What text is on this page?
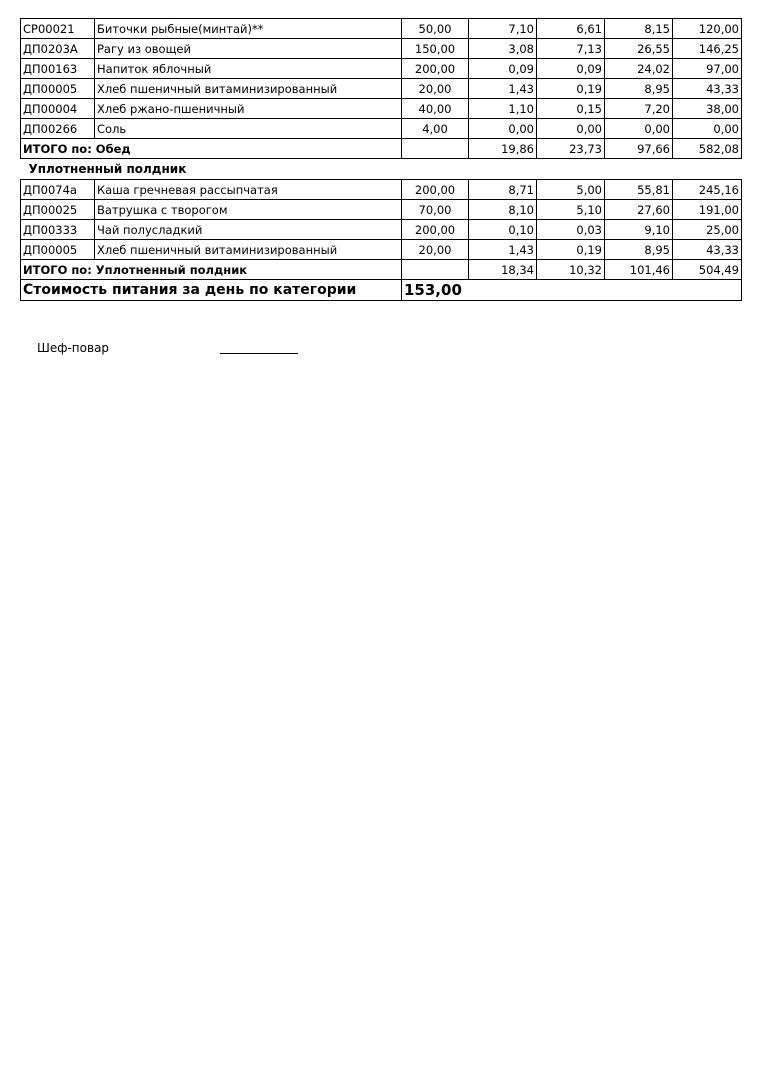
СР00021	Биточки рыбные(минтай)**	50,00	7,10	6,61	8,15	120,00
ДП0203А	Рагу из овощей	150,00	3,08	7,13	26,55	146,25
ДП00163	Напиток яблочный	200,00	0,09	0,09	24,02	97,00
ДП00005	Хлеб пшеничный витаминизированный	20,00	1,43	0,19	8,95	43,33
ДП00004	Хлеб ржано-пшеничный	40,00	1,10	0,15	7,20	38,00
ДП00266	Соль	4,00	0,00	0,00	0,00	0,00
ИТОГО по: Обед			19,86	23,73	97,66	582,08
Уплотненный полдник						
ДП0074а	Каша гречневая рассыпчатая	200,00	8,71	5,00	55,81	245,16
ДП00025	Ватрушка с творогом	70,00	8,10	5,10	27,60	191,00
ДП00333	Чай полусладкий	200,00	0,10	0,03	9,10	25,00
ДП00005	Хлеб пшеничный витаминизированный	20,00	1,43	0,19	8,95	43,33
ИТОГО по: Уплотненный полдник			18,34	10,32	101,46	504,49
Стоимость питания за день по категории		153,00				
Шеф-повар
